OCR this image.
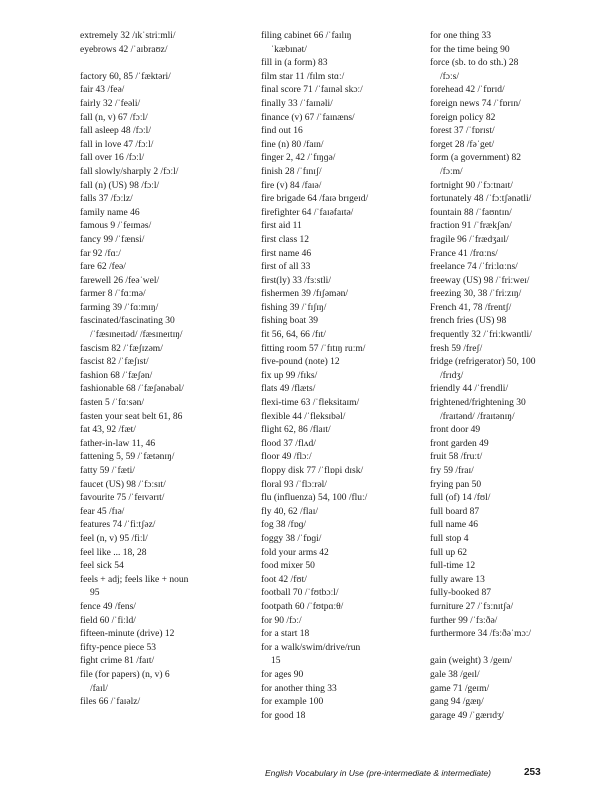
extremely 32 /ɪkˈstriːmli/
eyebrows 42 /ˈaɪbraʊz/
factory 60, 85 /ˈfæktəri/
fair 43 /feə/
fairly 32 /ˈfeəli/
fall (n, v) 67 /fɔːl/
fall asleep 48 /fɔːl/
fall in love 47 /fɔːl/
fall over 16 /fɔːl/
fall slowly/sharply 2 /fɔːl/
fall (n) (US) 98 /fɔːl/
falls 37 /fɔːlz/
family name 46
famous 9 /ˈfeɪməs/
fancy 99 /ˈfænsi/
far 92 /fɑː/
fare 62 /feə/
farewell 26 /feəˈwel/
farmer 8 /ˈfɑːmə/
farming 39 /ˈfɑːmɪŋ/
fascinated/fascinating 30
/ˈfæsɪneɪtəd/ /fæsɪneɪtɪŋ/
fascism 82 /ˈfæʃɪzəm/
fascist 82 /ˈfæʃɪst/
fashion 68 /ˈfæʃən/
fashionable 68 /ˈfæʃənəbəl/
fasten 5 /ˈfɑːsən/
fasten your seat belt 61, 86
fat 43, 92 /fæt/
father-in-law 11, 46
fattening 5, 59 /ˈfætənɪŋ/
fatty 59 /ˈfæti/
faucet (US) 98 /ˈfɔːsɪt/
favourite 75 /ˈfeɪvərɪt/
fear 45 /fɪə/
features 74 /ˈfiːtʃəz/
feel (n, v) 95 /fiːl/
feel like ... 18, 28
feel sick 54
feels + adj; feels like + noun
95
fence 49 /fens/
field 60 /ˈfiːld/
fifteen-minute (drive) 12
fifty-pence piece 53
fight crime 81 /faɪt/
file (for papers) (n, v) 6
/faɪl/
files 66 /ˈfaɪəlz/
filing cabinet 66 /ˈfaɪlɪŋ
ˈkæbɪnət/
fill in (a form) 83
film star 11 /fɪlm stɑː/
final score 71 /ˈfaɪnəl skɔː/
finally 33 /ˈfaɪnəli/
finance (v) 67 /ˈfaɪnæns/
find out 16
fine (n) 80 /faɪn/
finger 2, 42 /ˈfɪŋɡə/
finish 28 /ˈfɪnɪʃ/
fire (v) 84 /faɪə/
fire brigade 64 /faɪə brɪgeɪd/
firefighter 64 /ˈfaɪəfaɪtə/
first aid 11
first class 12
first name 46
first of all 33
first(ly) 33 /fɜːstli/
fishermen 39 /fɪʃəmən/
fishing 39 /ˈfɪʃɪŋ/
fishing boat 39
fit 56, 64, 66 /fɪt/
fitting room 57 /ˈfɪtɪŋ ruːm/
five-pound (note) 12
fix up 99 /fɪks/
flats 49 /flæts/
flexi-time 63 /ˈfleksitaɪm/
flexible 44 /ˈfleksɪbəl/
flight 62, 86 /flaɪt/
flood 37 /flʌd/
floor 49 /flɔː/
floppy disk 77 /ˈflɒpi dɪsk/
floral 93 /ˈflɔːrəl/
flu (influenza) 54, 100 /fluː/
fly 40, 62 /flaɪ/
fog 38 /fɒɡ/
foggy 38 /ˈfɒɡi/
fold your arms 42
food mixer 50
foot 42 /fʊt/
football 70 /ˈfʊtbɔːl/
footpath 60 /ˈfʊtpɑːθ/
for 90 /fɔː/
for a start 18
for a walk/swim/drive/run
15
for ages 90
for another thing 33
for example 100
for good 18
for one thing 33
for the time being 90
force (sb. to do sth.) 28
/fɔːs/
forehead 42 /ˈfɒrɪd/
foreign news 74 /ˈfɒrɪn/
foreign policy 82
forest 37 /ˈfɒrɪst/
forget 28 /fəˈget/
form (a government) 82
/fɔːm/
fortnight 90 /ˈfɔːtnaɪt/
fortunately 48 /ˈfɔːtʃənətli/
fountain 88 /ˈfaʊntɪn/
fraction 91 /ˈfrækʃən/
fragile 96 /ˈfrædʒaɪl/
France 41 /frɑːns/
freelance 74 /ˈfriːlɑːns/
freeway (US) 98 /ˈfriːweɪ/
freezing 30, 38 /ˈfriːzɪŋ/
French 41, 78 /frentʃ/
french fries (US) 98
frequently 32 /ˈfriːkwəntli/
fresh 59 /freʃ/
fridge (refrigerator) 50, 100
/frɪdʒ/
friendly 44 /ˈfrendli/
frightened/frightening 30
/fraɪtənd/ /fraɪtənɪŋ/
front door 49
front garden 49
fruit 58 /fruːt/
fry 59 /fraɪ/
frying pan 50
full (of) 14 /fʊl/
full board 87
full name 46
full stop 4
full up 62
full-time 12
fully aware 13
fully-booked 87
furniture 27 /ˈfɜːnɪtʃə/
further 99 /ˈfɜːðə/
furthermore 34 /fɜːðəˈmɔː/
gain (weight) 3 /geɪn/
gale 38 /geɪl/
game 71 /geɪm/
gang 94 /gæŋ/
garage 49 /ˈgærɪdʒ/
English Vocabulary in Use (pre-intermediate & intermediate)	253
